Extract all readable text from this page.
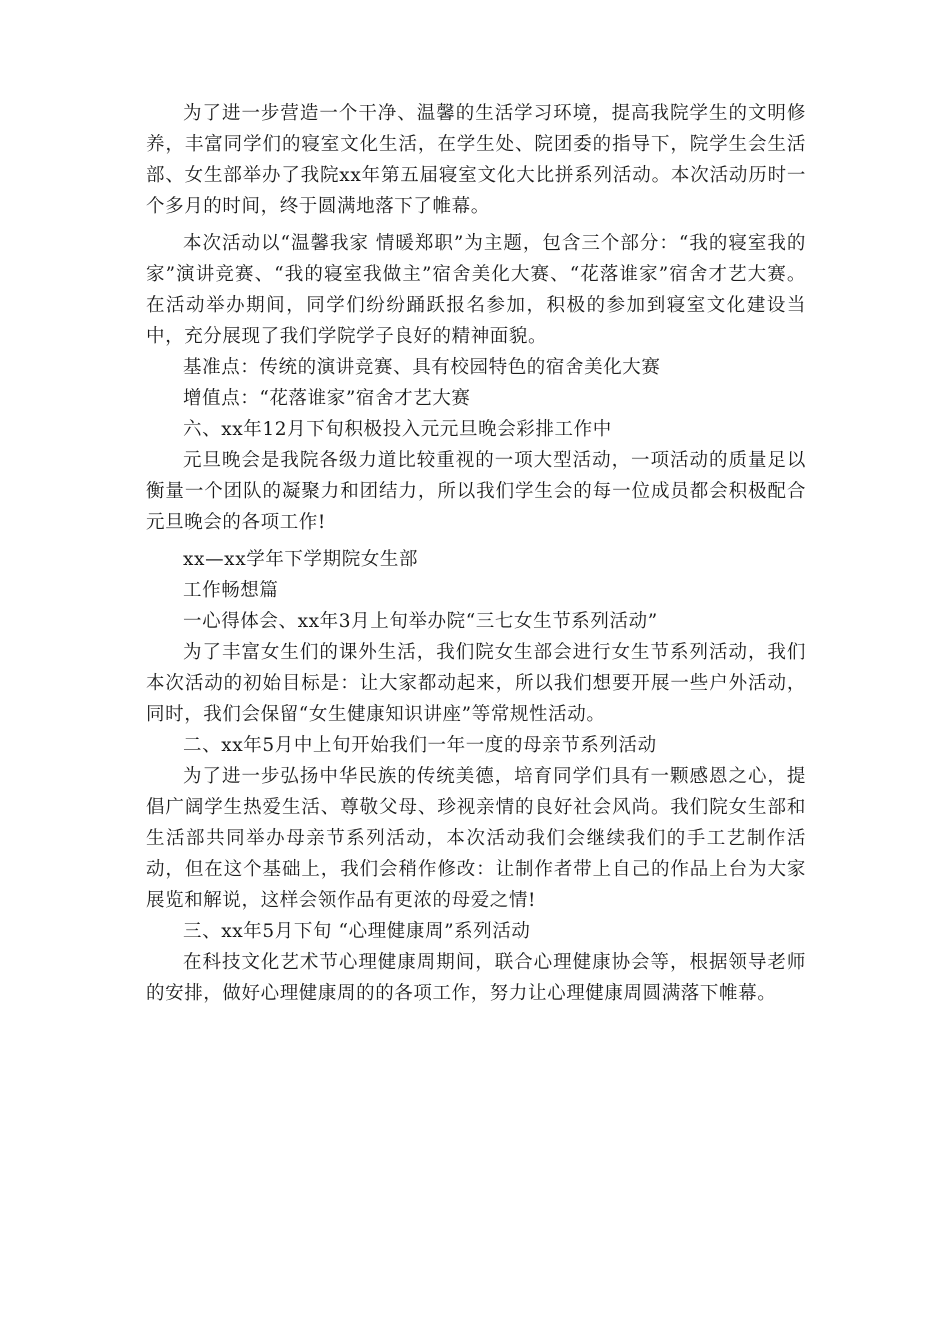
为了进一步营造一个干净、温馨的生活学习环境，提高我院学生的文明修养，丰富同学们的寝室文化生活，在学生处、院团委的指导下，院学生会生活部、女生部举办了我院xx年第五届寝室文化大比拼系列活动。本次活动历时一个多月的时间，终于圆满地落下了帷幕。

本次活动以“温馨我家 情暖郑职”为主题，包含三个部分：“我的寝室我的家”演讲竞赛、“我的寝室我做主”宿舍美化大赛、“花落谁家”宿舍才艺大赛。在活动举办期间，同学们纷纷踊跃报名参加，积极的参加到寝室文化建设当中，充分展现了我们学院学子良好的精神面貌。

基准点：传统的演讲竞赛、具有校园特色的宿舍美化大赛

增值点：“花落谁家”宿舍才艺大赛

六、xx年12月下旬积极投入元元旦晚会彩排工作中

元旦晚会是我院各级力道比较重视的一项大型活动，一项活动的质量足以衡量一个团队的凝聚力和团结力，所以我们学生会的每一位成员都会积极配合元旦晚会的各项工作!

xx—xx学年下学期院女生部

工作畅想篇

一心得体会、xx年3月上旬举办院“三七女生节系列活动”

为了丰富女生们的课外生活，我们院女生部会进行女生节系列活动，我们本次活动的初始目标是：让大家都动起来，所以我们想要开展一些户外活动，同时，我们会保留“女生健康知识讲座”等常规性活动。

二、xx年5月中上旬开始我们一年一度的母亲节系列活动

为了进一步弘扬中华民族的传统美德，培育同学们具有一颗感恩之心，提倡广阔学生热爱生活、尊敬父母、珍视亲情的良好社会风尚。我们院女生部和生活部共同举办母亲节系列活动，本次活动我们会继续我们的手工艺制作活动，但在这个基础上，我们会稍作修改：让制作者带上自己的作品上台为大家展览和解说，这样会领作品有更浓的母爱之情!

三、xx年5月下旬 “心理健康周”系列活动

在科技文化艺术节心理健康周期间，联合心理健康协会等，根据领导老师的安排，做好心理健康周的的各项工作，努力让心理健康周圆满落下帷幕。
